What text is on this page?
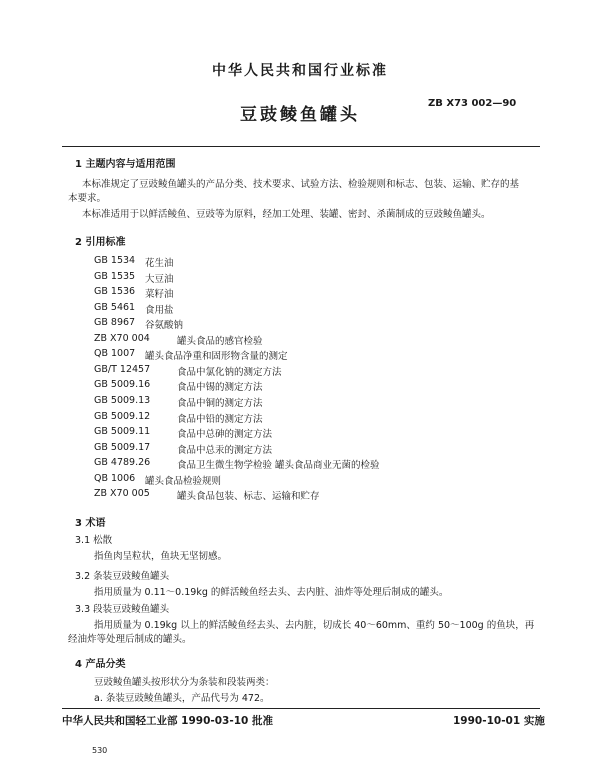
中华人民共和国行业标准
ZB X73 002—90
豆豉鲮鱼罐头
1 主题内容与适用范围
本标准规定了豆豉鲮鱼罐头的产品分类、技术要求、试验方法、检验规则和标志、包装、运输、贮存的基
本要求。
本标准适用于以鲜活鲮鱼、豆豉等为原料，经加工处理、装罐、密封、杀菌制成的豆豉鲮鱼罐头。
2 引用标准
GB 1534 花生油
GB 1535 大豆油
GB 1536 菜籽油
GB 5461 食用盐
GB 8967 谷氨酸钠
ZB X70 004	罐头食品的感官检验
QB 1007 罐头食品净重和固形物含量的测定
GB/T 12457	食品中氯化钠的测定方法
GB 5009.16	食品中锡的测定方法
GB 5009.13	食品中铜的测定方法
GB 5009.12	食品中铅的测定方法
GB 5009.11	食品中总砷的测定方法
GB 5009.17	食品中总汞的测定方法
GB 4789.26	食品卫生微生物学检验 罐头食品商业无菌的检验
QB 1006 罐头食品检验规则
ZB X70 005	罐头食品包装、标志、运输和贮存
3 术语
3.1 松散
指鱼肉呈粒状，鱼块无坚韧感。
3.2 条装豆豉鲮鱼罐头
指用质量为 0.11～0.19kg 的鲜活鲮鱼经去头、去内脏、油炸等处理后制成的罐头。
3.3 段装豆豉鲮鱼罐头
指用质量为 0.19kg 以上的鲜活鲮鱼经去头、去内脏，切成长 40～60mm、重约 50～100g 的鱼块，再
经油炸等处理后制成的罐头。
4 产品分类
豆豉鲮鱼罐头按形状分为条装和段装两类：
a. 条装豆豉鲮鱼罐头，产品代号为 472。
中华人民共和国轻工业部 1990-03-10 批准	1990-10-01 实施
530
